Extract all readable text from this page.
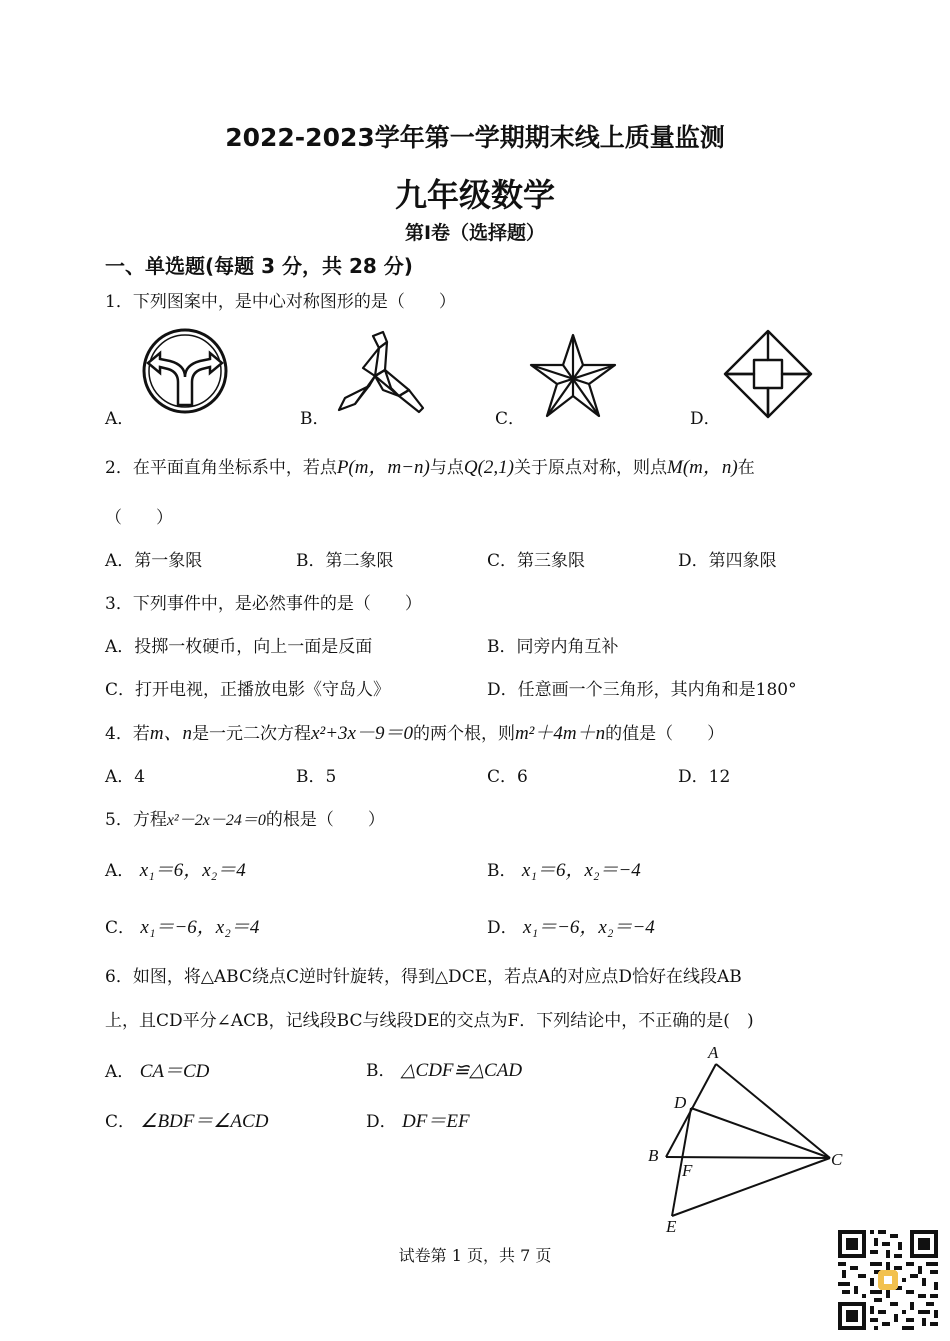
2022-2023学年第一学期期末线上质量监测
九年级数学
第Ⅰ卷（选择题）
一、单选题(每题 3 分，共 28 分)
1．下列图案中，是中心对称图形的是（　　）
A．	B．	C．	D．
2．在平面直角坐标系中，若点P(m，m−n)与点Q(2,1)关于原点对称，则点M(m，n)在
（　　）
A．第一象限	B．第二象限	C．第三象限	D．第四象限
3．下列事件中，是必然事件的是（　　）
A．投掷一枚硬币，向上一面是反面	B．同旁内角互补
C．打开电视，正播放电影《守岛人》	D．任意画一个三角形，其内角和是180°
4．若m、n是一元二次方程x²+3x－9＝0的两个根，则m²＋4m＋n的值是（　　）
A．4	B．5	C．6	D．12
5．方程x²－2x－24＝0的根是（　　）
A． x₁＝6，x₂＝4	B． x₁＝6，x₂＝−4
C． x₁＝−6，x₂＝4	D． x₁＝−6，x₂＝−4
6．如图，将△ABC绕点C逆时针旋转，得到△DCE，若点A的对应点D恰好在线段AB
上，且CD平分∠ACB，记线段BC与线段DE的交点为F．下列结论中，不正确的是(　)
A． CA＝CD	B． △CDF≌△CAD
C． ∠BDF＝∠ACD	D． DF＝EF
A
D
B
F
C
E
试卷第 1 页，共 7 页
